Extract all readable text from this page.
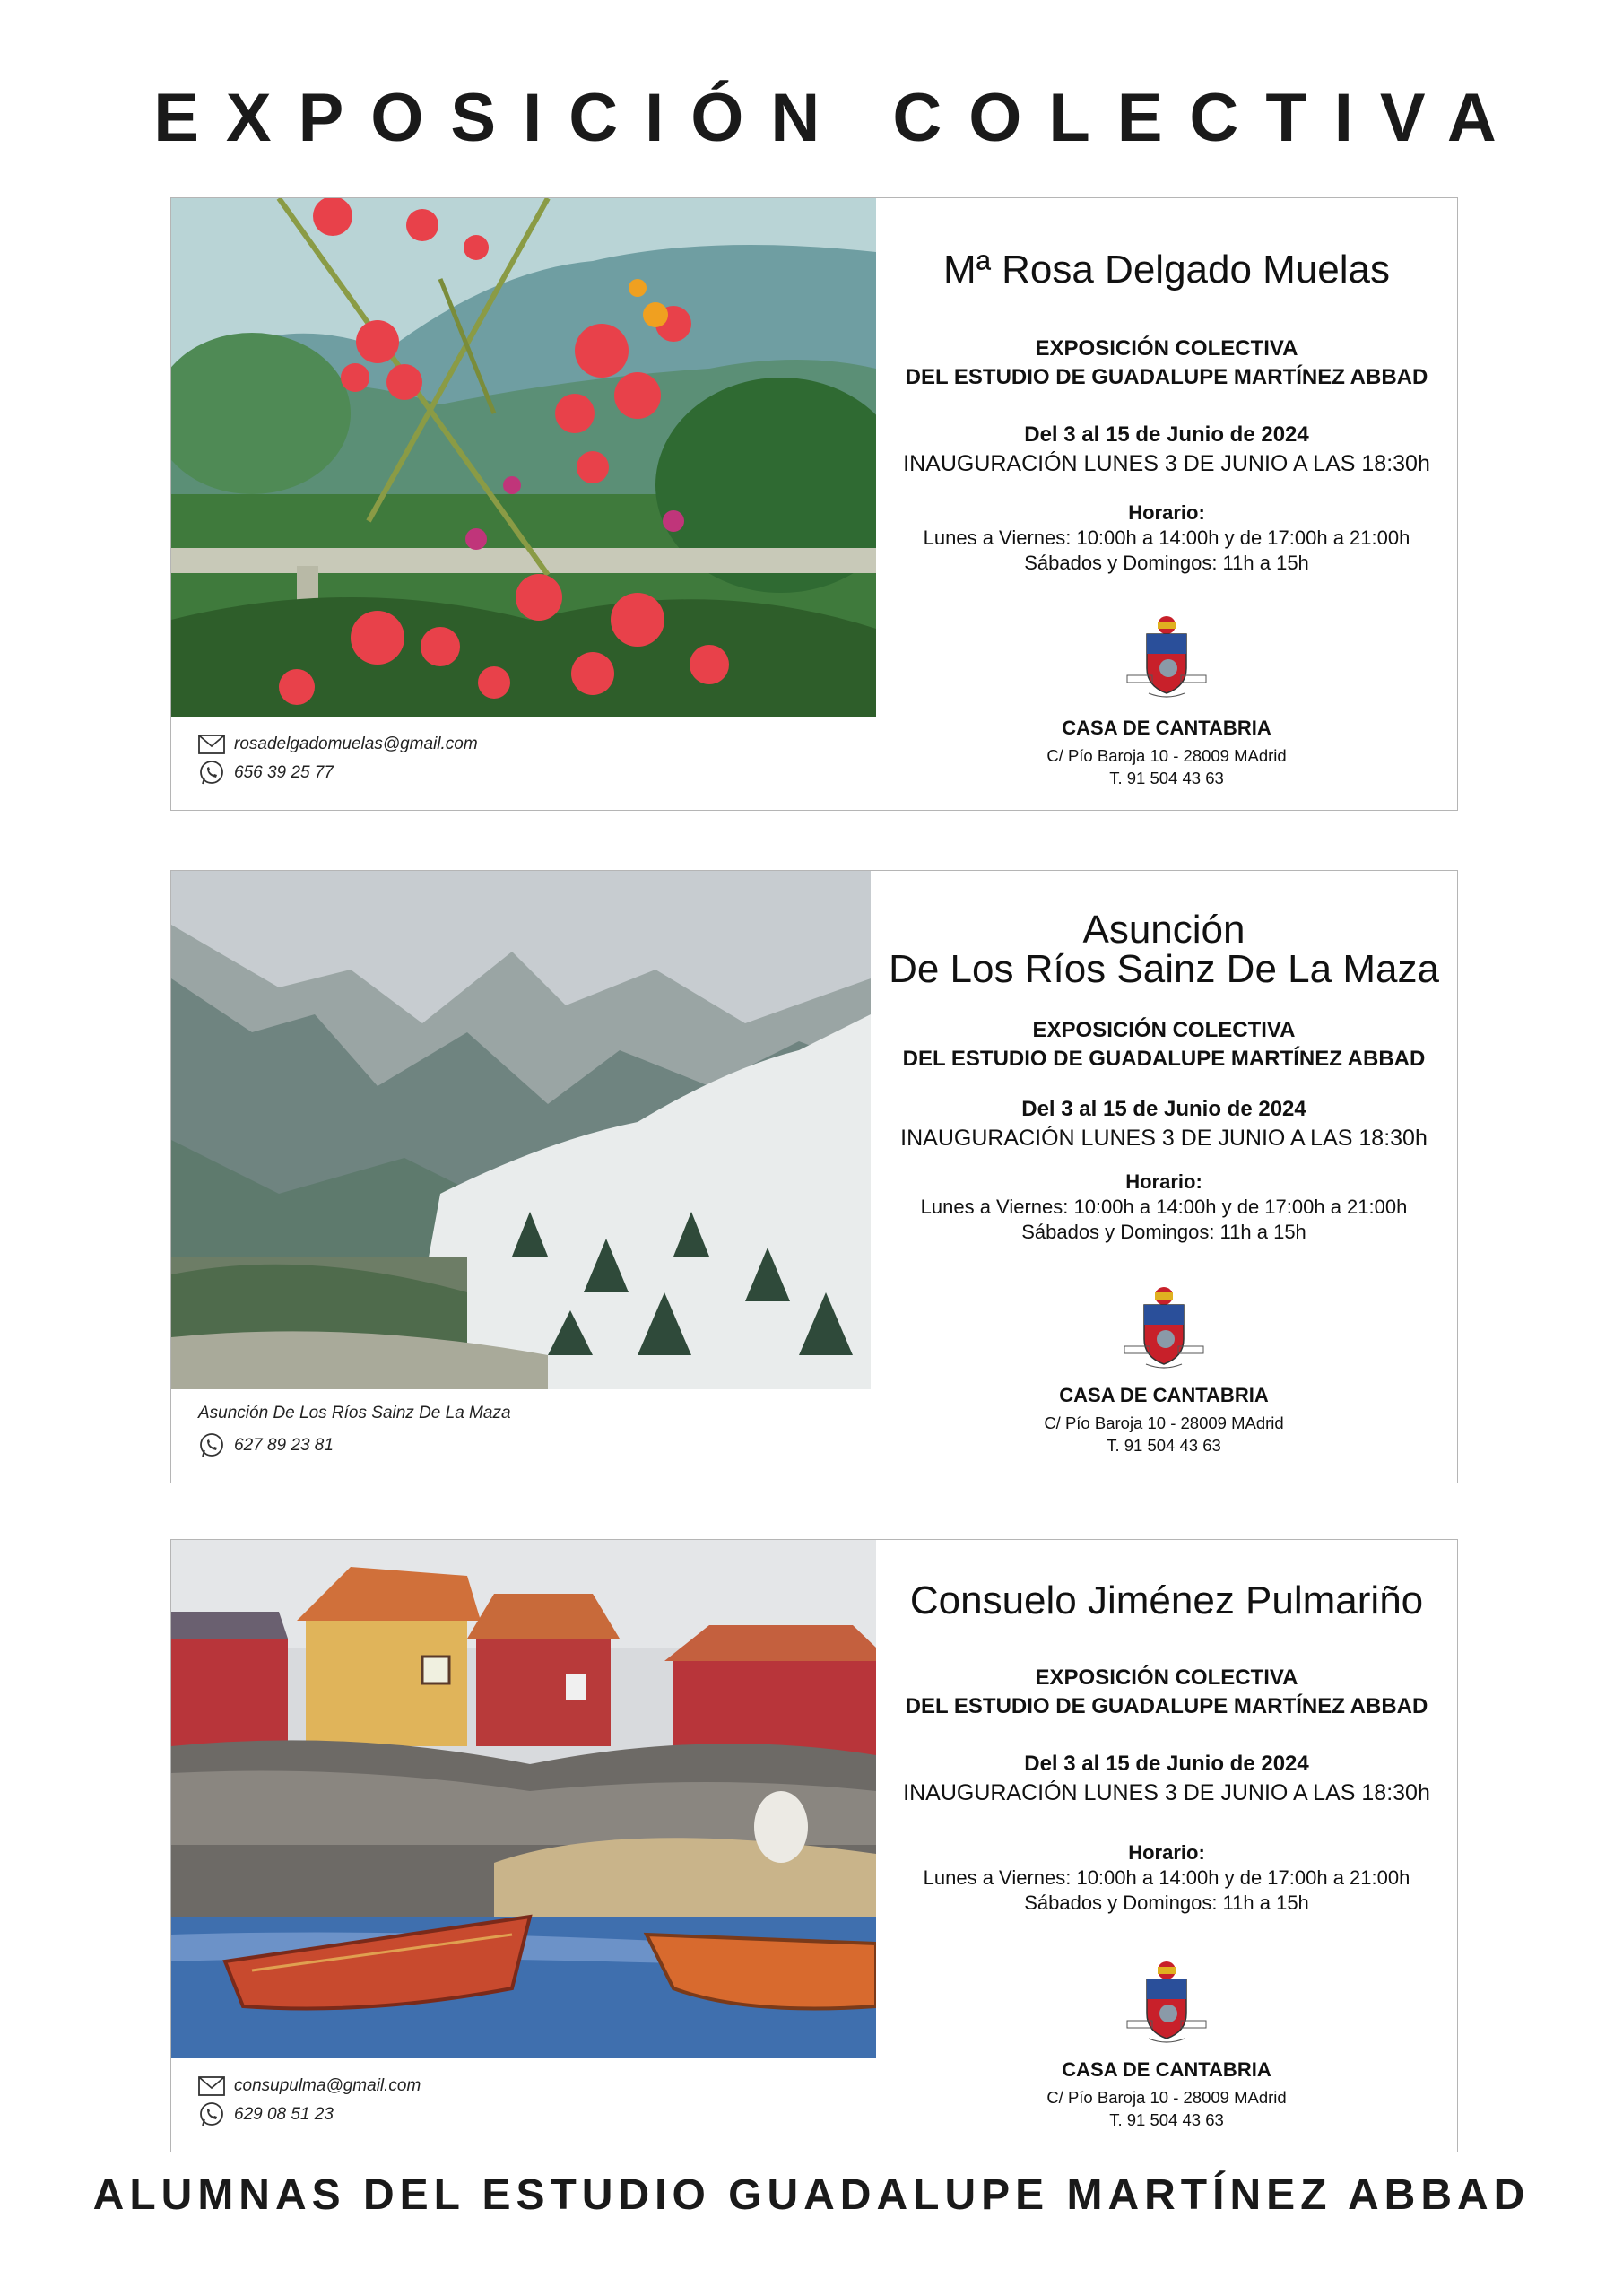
EXPOSICIÓN COLECTIVA
rosadelgadomuelas@gmail.com
656 39 25 77
Mª Rosa Delgado Muelas
EXPOSICIÓN COLECTIVA
DEL ESTUDIO DE GUADALUPE MARTÍNEZ ABBAD
Del 3 al 15 de Junio de 2024
INAUGURACIÓN LUNES 3 DE JUNIO A LAS 18:30h
Horario:
Lunes a Viernes: 10:00h a 14:00h y de 17:00h a 21:00h
Sábados y Domingos: 11h a 15h
CASA DE CANTABRIA
C/ Pío Baroja 10 - 28009 MAdrid
T. 91 504 43 63
Asunción De Los Ríos Sainz De La Maza
627 89 23 81
Asunción
De Los Ríos Sainz De La Maza
EXPOSICIÓN COLECTIVA
DEL ESTUDIO DE GUADALUPE MARTÍNEZ ABBAD
Del 3 al 15 de Junio de 2024
INAUGURACIÓN LUNES 3 DE JUNIO A LAS 18:30h
Horario:
Lunes a Viernes: 10:00h a 14:00h y de 17:00h a 21:00h
Sábados y Domingos: 11h a 15h
CASA DE CANTABRIA
C/ Pío Baroja 10 - 28009 MAdrid
T. 91 504 43 63
consupulma@gmail.com
629 08 51 23
Consuelo Jiménez Pulmariño
EXPOSICIÓN COLECTIVA
DEL ESTUDIO DE GUADALUPE MARTÍNEZ ABBAD
Del 3 al 15 de Junio de 2024
INAUGURACIÓN LUNES 3 DE JUNIO A LAS 18:30h
Horario:
Lunes a Viernes: 10:00h a 14:00h y de 17:00h a 21:00h
Sábados y Domingos: 11h a 15h
CASA DE CANTABRIA
C/ Pío Baroja 10 - 28009 MAdrid
T. 91 504 43 63
ALUMNAS DEL ESTUDIO GUADALUPE MARTÍNEZ ABBAD
